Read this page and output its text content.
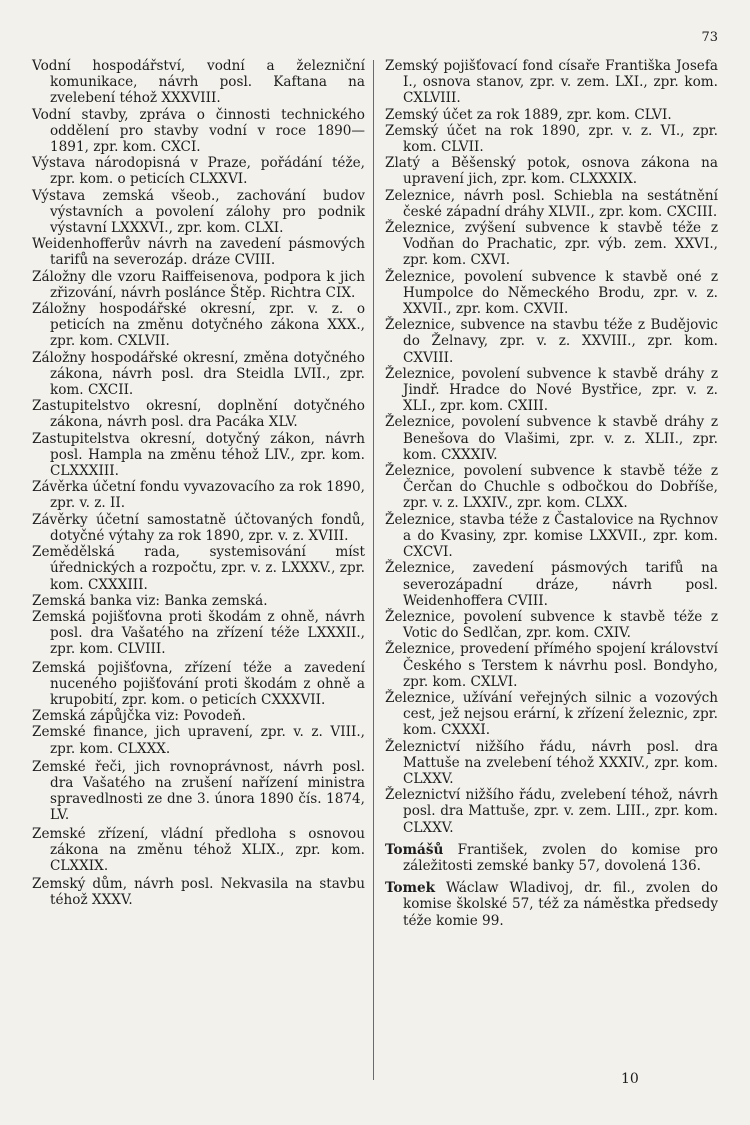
73

Vodní hospodářství, vodní a železniční komunikace, návrh posl. Kaftana na zvelebení téhož XXXVIII.

Vodní stavby, zpráva o činnosti technického oddělení pro stavby vodní v roce 1890—1891, zpr. kom. CXCI.

Výstava národopisná v Praze, pořádání téže, zpr. kom. o peticích CLXXVI.

Výstava zemská všeob., zachování budov výstavních a povolení zálohy pro podnik výstavní LXXXVI., zpr. kom. CLXI.

Weidenhofferův návrh na zavedení pásmových tarifů na severozáp. dráze CVIII.

Záložny dle vzoru Raiffeisenova, podpora k jich zřizování, návrh poslánce Štěp. Richtra CIX.

Záložny hospodářské okresní, zpr. v. z. o peticích na změnu dotyčného zákona XXX., zpr. kom. CXLVII.

Záložny hospodářské okresní, změna dotyčného zákona, návrh posl. dra Steidla LVII., zpr. kom. CXCII.

Zastupitelstvo okresní, doplnění dotyčného zákona, návrh posl. dra Pacáka XLV.

Zastupitelstva okresní, dotyčný zákon, návrh posl. Hampla na změnu téhož LIV., zpr. kom. CLXXXIII.

Závěrka účetní fondu vyvazovacího za rok 1890, zpr. v. z. II.

Závěrky účetní samostatně účtovaných fondů, dotyčné výtahy za rok 1890, zpr. v. z. XVIII.

Zemědělská rada, systemisování míst úřednických a rozpočtu, zpr. v. z. LXXXV., zpr. kom. CXXXIII.

Zemská banka viz: Banka zemská.

Zemská pojišťovna proti škodám z ohně, návrh posl. dra Vašatého na zřízení téže LXXXII., zpr. kom. CLVIII.

Zemská pojišťovna, zřízení téže a zavedení nuceného pojišťování proti škodám z ohně a krupobití, zpr. kom. o peticích CXXXVII.

Zemská zápůjčka viz: Povodeň.

Zemské finance, jich upravení, zpr. v. z. VIII., zpr. kom. CLXXX.

Zemské řeči, jich rovnoprávnost, návrh posl. dra Vašatého na zrušení nařízení ministra spravedlnosti ze dne 3. února 1890 čís. 1874, LV.

Zemské zřízení, vládní předloha s osnovou zákona na změnu téhož XLIX., zpr. kom. CLXXIX.

Zemský dům, návrh posl. Nekvasila na stavbu téhož XXXV.

Zemský pojišťovací fond císaře Františka Josefa I., osnova stanov, zpr. v. zem. LXI., zpr. kom. CXLVIII.

Zemský účet za rok 1889, zpr. kom. CLVI.

Zemský účet na rok 1890, zpr. v. z. VI., zpr. kom. CLVII.

Zlatý a Běšenský potok, osnova zákona na upravení jich, zpr. kom. CLXXXIX.

Zeleznice, návrh posl. Schiebla na sestátnění české západní dráhy XLVII., zpr. kom. CXCIII.

Železnice, zvýšení subvence k stavbě téže z Vodňan do Prachatic, zpr. výb. zem. XXVI., zpr. kom. CXVI.

Železnice, povolení subvence k stavbě oné z Humpolce do Německého Brodu, zpr. v. z. XXVII., zpr. kom. CXVII.

Železnice, subvence na stavbu téže z Budějovic do Želnavy, zpr. v. z. XXVIII., zpr. kom. CXVIII.

Železnice, povolení subvence k stavbě dráhy z Jindř. Hradce do Nové Bystřice, zpr. v. z. XLI., zpr. kom. CXIII.

Železnice, povolení subvence k stavbě dráhy z Benešova do Vlašimi, zpr. v. z. XLII., zpr. kom. CXXXIV.

Železnice, povolení subvence k stavbě téže z Čerčan do Chuchle s odbočkou do Dobříše, zpr. v. z. LXXIV., zpr. kom. CLXX.

Železnice, stavba téže z Častalovice na Rychnov a do Kvasiny, zpr. komise LXXVII., zpr. kom. CXCVI.

Železnice, zavedení pásmových tarifů na severozápadní dráze, návrh posl. Weidenhoffera CVIII.

Železnice, povolení subvence k stavbě téže z Votic do Sedlčan, zpr. kom. CXIV.

Železnice, provedení přímého spojení království Českého s Terstem k návrhu posl. Bondyho, zpr. kom. CXLVI.

Železnice, užívání veřejných silnic a vozových cest, jež nejsou erární, k zřízení železnic, zpr. kom. CXXXI.

Železnictví nižšího řádu, návrh posl. dra Mattuše na zvelebení téhož XXXIV., zpr. kom. CLXXV.

Železnictví nižšího řádu, zvelebení téhož, návrh posl. dra Mattuše, zpr. v. zem. LIII., zpr. kom. CLXXV.

Tomášů František, zvolen do komise pro záležitosti zemské banky 57, dovolená 136.

Tomek Wáclaw Wladivoj, dr. fil., zvolen do komise školské 57, též za náměstka předsedy téže komie 99.

10
